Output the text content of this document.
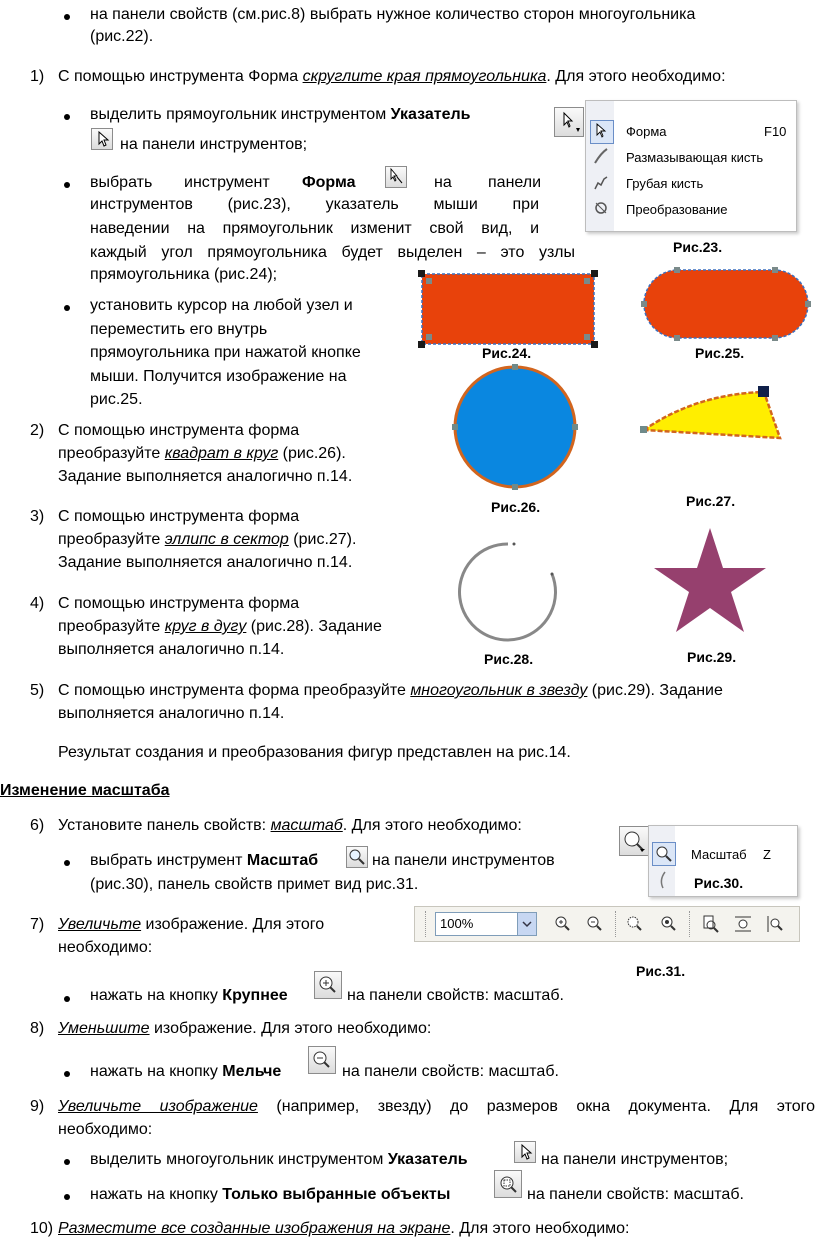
на панели свойств (см.рис.8) выбрать нужное количество сторон многоугольника
(рис.22).
1) С помощью инструмента Форма скруглите края прямоугольника. Для этого необходимо:
выделить прямоугольник инструментом Указатель
на панели инструментов;
выбрать	инструмент Форма	на панели
инструментов (рис.23), указатель мыши при
наведении на прямоугольник изменит свой вид, и
каждый угол прямоугольника будет выделен – это узлы
прямоугольника (рис.24);
установить курсор на любой узел и
переместить его внутрь
прямоугольника при нажатой кнопке
мыши. Получится изображение на
рис.25.
2) С помощью инструмента форма
преобразуйте квадрат в круг (рис.26).
Задание выполняется аналогично п.14.
3) С помощью инструмента форма
преобразуйте эллипс в сектор (рис.27).
Задание выполняется аналогично п.14.
4) С помощью инструмента форма
преобразуйте круг в дугу (рис.28). Задание
выполняется аналогично п.14.
5) С помощью инструмента форма преобразуйте многоугольник в звезду (рис.29). Задание
выполняется аналогично п.14.
Результат создания и преобразования фигур представлен на рис.14.
Изменение масштаба
6) Установите панель свойств: масштаб. Для этого необходимо:
выбрать инструмент Масштаб	на панели инструментов
(рис.30), панель свойств примет вид рис.31.
7) Увеличьте изображение. Для этого
необходимо:
нажать на кнопку Крупнее	на панели свойств: масштаб.
8) Уменьшите изображение. Для этого необходимо:
нажать на кнопку Мельче	на панели свойств: масштаб.
9) Увеличьте изображение (например, звезду) до размеров окна документа. Для этого
необходимо:
выделить многоугольник инструментом Указатель	на панели инструментов;
нажать на кнопку Только выбранные объекты	на панели свойств: масштаб.
10) Разместите все созданные изображения на экране. Для этого необходимо:
Форма	F10
Размазывающая кисть
Грубая кисть
Преобразование
Рис.23.
Рис.24.	Рис.25.
Рис.26.	Рис.27.
Рис.28.	Рис.29.
Масштаб Z
Рис.30.
100%
Рис.31.
